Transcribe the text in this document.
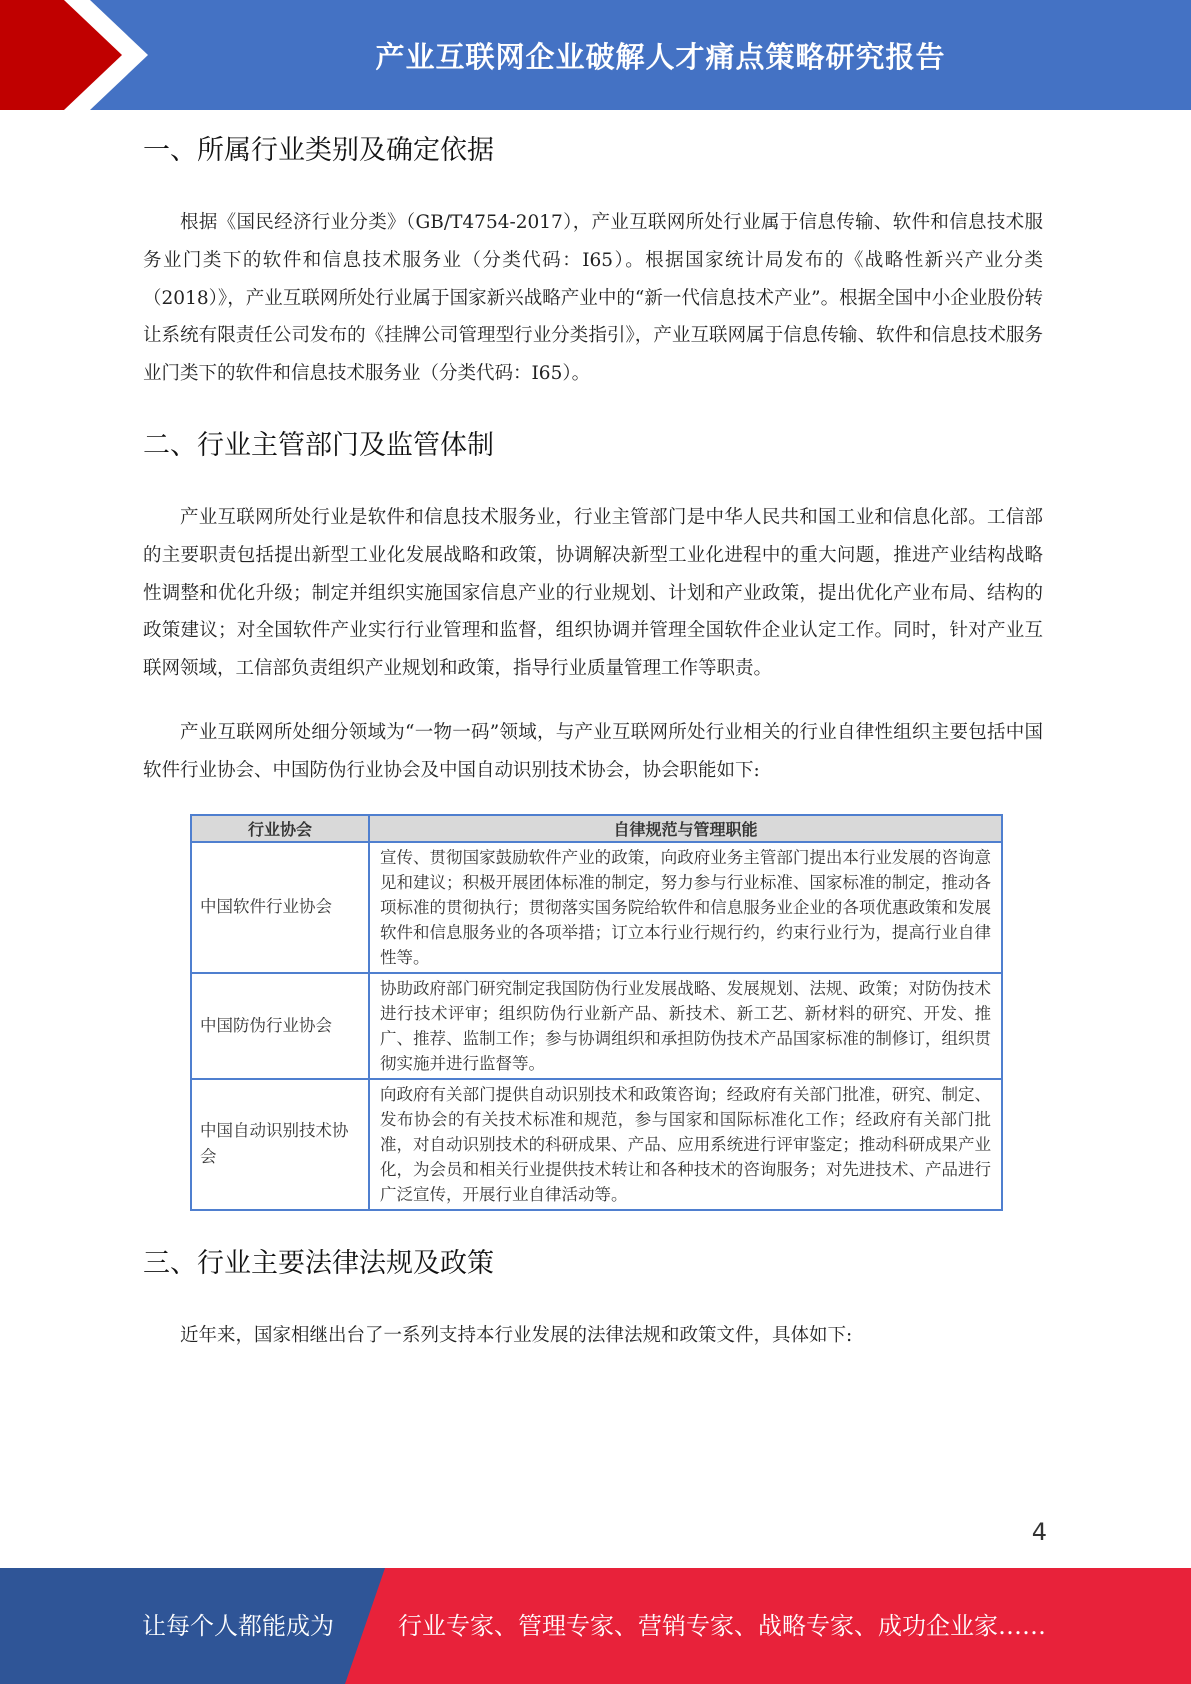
产业互联网企业破解人才痛点策略研究报告
一、所属行业类别及确定依据

根据《国民经济行业分类》（GB/T4754-2017），产业互联网所处行业属于信息传输、软件和信息技术服务业门类下的软件和信息技术服务业（分类代码：I65）。根据国家统计局发布的《战略性新兴产业分类（2018）》，产业互联网所处行业属于国家新兴战略产业中的“新一代信息技术产业”。根据全国中小企业股份转让系统有限责任公司发布的《挂牌公司管理型行业分类指引》，产业互联网属于信息传输、软件和信息技术服务业门类下的软件和信息技术服务业（分类代码：I65）。

二、行业主管部门及监管体制

产业互联网所处行业是软件和信息技术服务业，行业主管部门是中华人民共和国工业和信息化部。工信部的主要职责包括提出新型工业化发展战略和政策，协调解决新型工业化进程中的重大问题，推进产业结构战略性调整和优化升级；制定并组织实施国家信息产业的行业规划、计划和产业政策，提出优化产业布局、结构的政策建议；对全国软件产业实行行业管理和监督，组织协调并管理全国软件企业认定工作。同时，针对产业互联网领域，工信部负责组织产业规划和政策，指导行业质量管理工作等职责。

产业互联网所处细分领域为“一物一码”领域，与产业互联网所处行业相关的行业自律性组织主要包括中国软件行业协会、中国防伪行业协会及中国自动识别技术协会，协会职能如下:

行业协会	自律规范与管理职能
中国软件行业协会	宣传、贯彻国家鼓励软件产业的政策，向政府业务主管部门提出本行业发展的咨询意见和建议；积极开展团体标准的制定，努力参与行业标准、国家标准的制定，推动各项标准的贯彻执行；贯彻落实国务院给软件和信息服务业企业的各项优惠政策和发展软件和信息服务业的各项举措；订立本行业行规行约，约束行业行为，提高行业自律性等。
中国防伪行业协会	协助政府部门研究制定我国防伪行业发展战略、发展规划、法规、政策；对防伪技术进行技术评审；组织防伪行业新产品、新技术、新工艺、新材料的研究、开发、推广、推荐、监制工作；参与协调组织和承担防伪技术产品国家标准的制修订，组织贯彻实施并进行监督等。
中国自动识别技术协会	向政府有关部门提供自动识别技术和政策咨询；经政府有关部门批准，研究、制定、发布协会的有关技术标准和规范，参与国家和国际标准化工作；经政府有关部门批准，对自动识别技术的科研成果、产品、应用系统进行评审鉴定；推动科研成果产业化，为会员和相关行业提供技术转让和各种技术的咨询服务；对先进技术、产品进行广泛宣传，开展行业自律活动等。
三、行业主要法律法规及政策

近年来，国家相继出台了一系列支持本行业发展的法律法规和政策文件，具体如下:

4
让每个人都能成为	行业专家、管理专家、营销专家、战略专家、成功企业家……
